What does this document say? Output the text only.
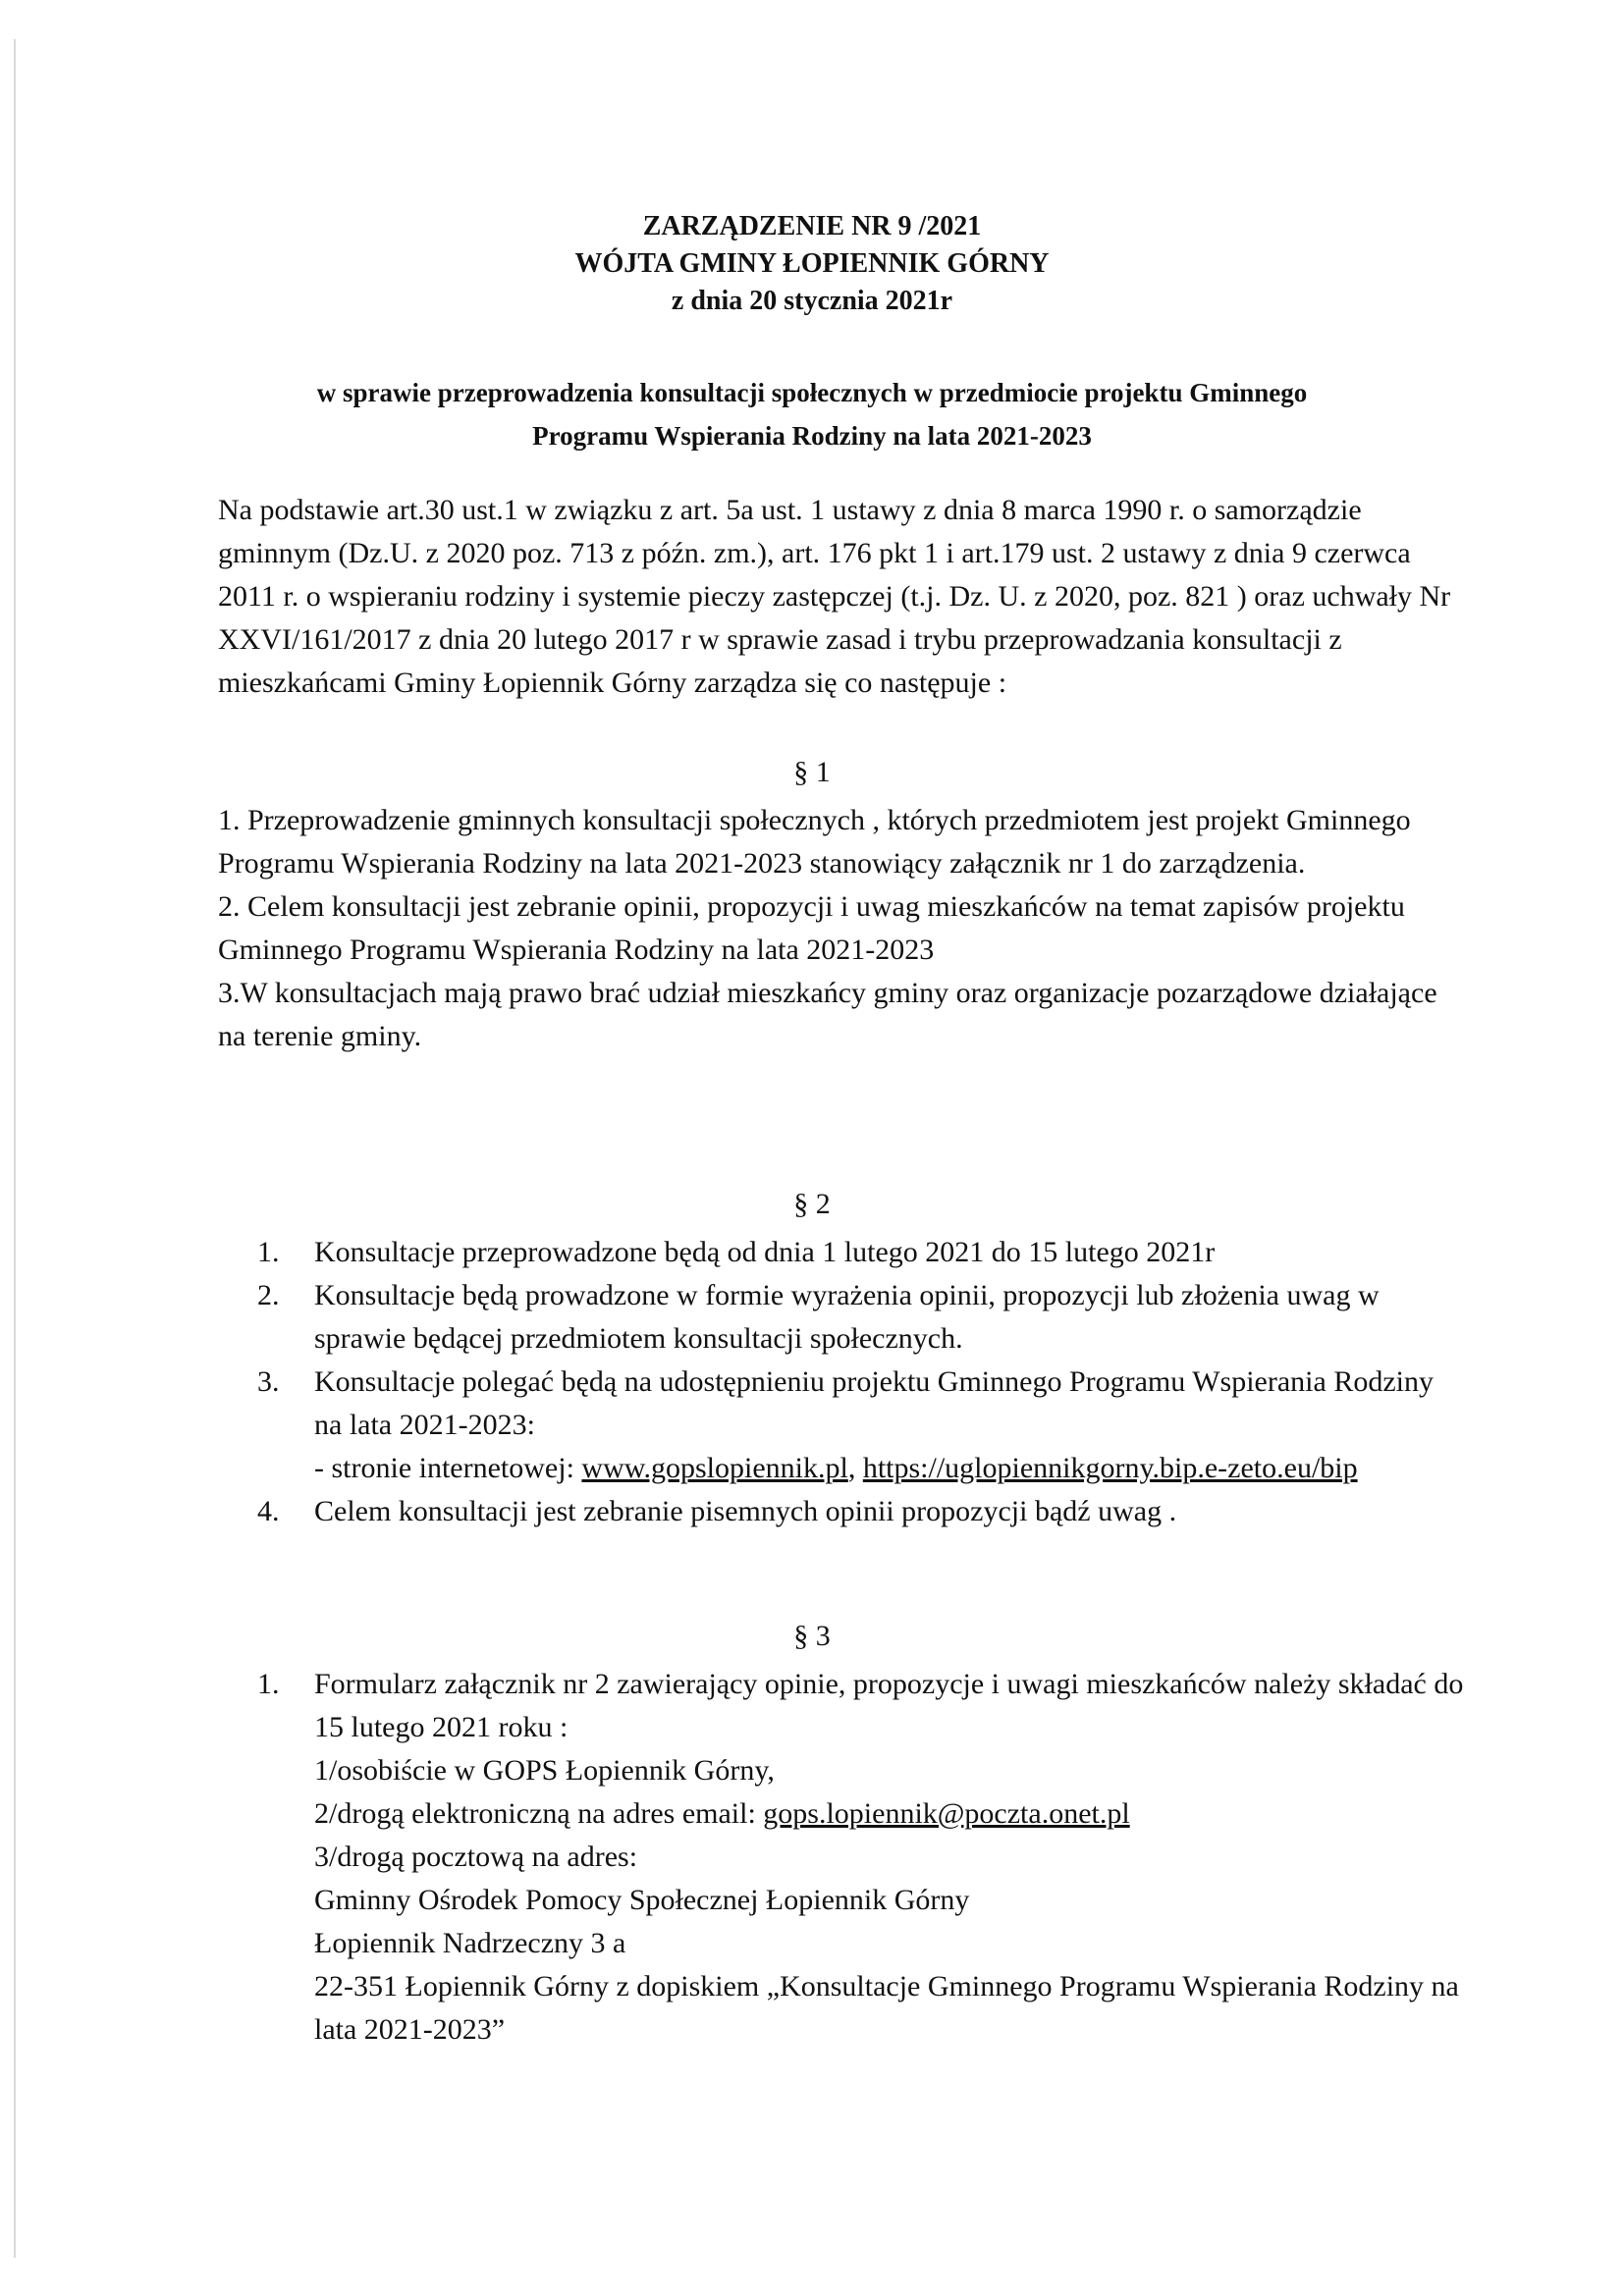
ZARZĄDZENIE NR 9 /2021
WÓJTA GMINY ŁOPIENNIK GÓRNY
z dnia 20 stycznia 2021r
w sprawie przeprowadzenia konsultacji społecznych w przedmiocie projektu Gminnego
Programu Wspierania Rodziny na lata 2021-2023
Na podstawie art.30 ust.1 w związku z art. 5a ust. 1 ustawy z dnia 8 marca 1990 r. o samorządzie gminnym (Dz.U. z 2020 poz. 713 z późn. zm.), art. 176 pkt 1 i art.179 ust. 2 ustawy z dnia 9 czerwca 2011 r. o wspieraniu rodziny i systemie pieczy zastępczej (t.j. Dz. U. z 2020, poz. 821 ) oraz uchwały Nr XXVI/161/2017 z dnia 20 lutego 2017 r w sprawie zasad i trybu przeprowadzania konsultacji z mieszkańcami Gminy Łopiennik Górny zarządza się co następuje :
§ 1

1. Przeprowadzenie gminnych konsultacji społecznych , których przedmiotem jest projekt Gminnego Programu Wspierania Rodziny na lata 2021-2023 stanowiący załącznik nr 1 do zarządzenia.

2. Celem konsultacji jest zebranie opinii, propozycji i uwag mieszkańców na temat zapisów projektu Gminnego Programu Wspierania Rodziny na lata 2021-2023

3.W konsultacjach mają prawo brać udział mieszkańcy gminy oraz organizacje pozarządowe działające na terenie gminy.

§ 2

1. Konsultacje przeprowadzone będą od dnia 1 lutego 2021 do 15 lutego 2021r

2. Konsultacje będą prowadzone w formie wyrażenia opinii, propozycji lub złożenia uwag w sprawie będącej przedmiotem konsultacji społecznych.

3. Konsultacje polegać będą na udostępnieniu projektu Gminnego Programu Wspierania Rodziny na lata 2021-2023:
- stronie internetowej: www.gopslopiennik.pl, https://uglopiennikgorny.bip.e-zeto.eu/bip

4. Celem konsultacji jest zebranie pisemnych opinii propozycji bądź uwag .

§ 3
1. Formularz załącznik nr 2 zawierający opinie, propozycje i uwagi mieszkańców należy składać do 15 lutego 2021 roku :
1/osobiście w GOPS Łopiennik Górny,
2/drogą elektroniczną na adres email: gops.lopiennik@poczta.onet.pl
3/drogą pocztową na adres:
Gminny Ośrodek Pomocy Społecznej Łopiennik Górny
Łopiennik Nadrzeczny 3 a
22-351 Łopiennik Górny z dopiskiem „Konsultacje Gminnego Programu Wspierania Rodziny na lata 2021-2023”
